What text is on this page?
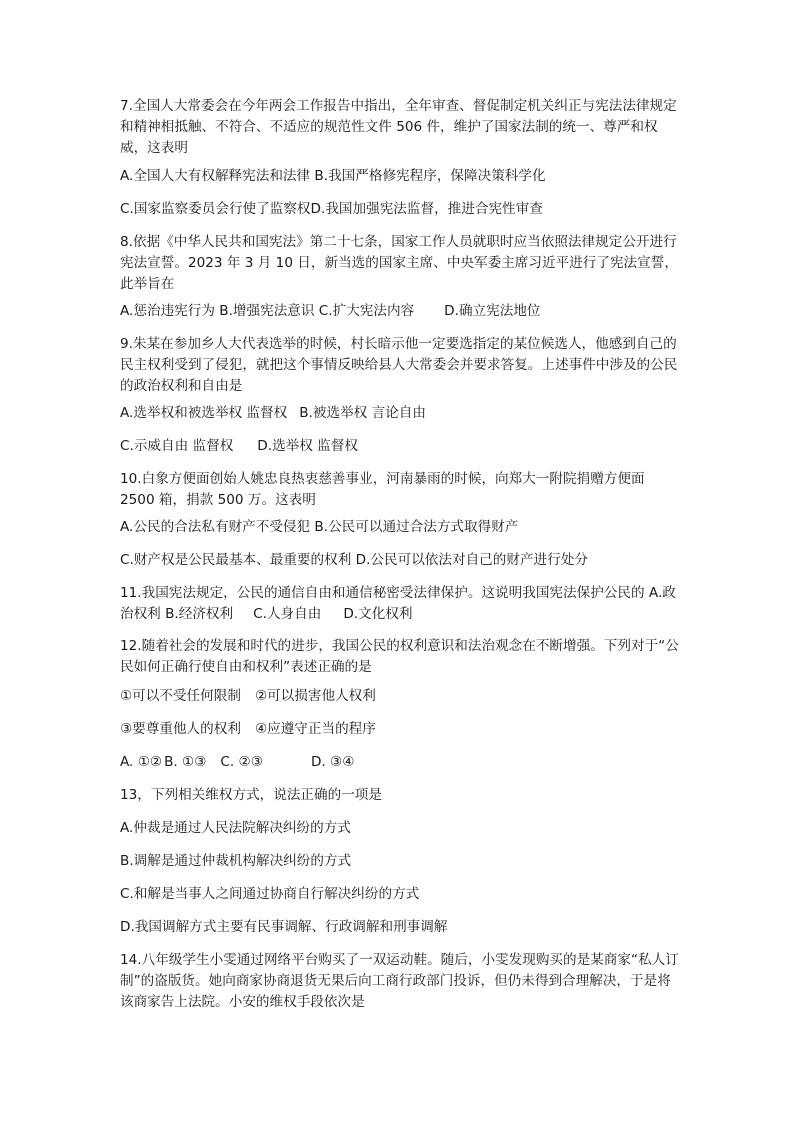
7.全国人大常委会在今年两会工作报告中指出，全年审查、督促制定机关纠正与宪法法律规定 和精神相抵触、不符合、不适应的规范性文件 506 件，维护了国家法制的统一、尊严和权威，这表明

A.全国人大有权解释宪法和法律 B.我国严格修宪程序，保障决策科学化

C.国家监察委员会行使了监察权D.我国加强宪法监督，推进合宪性审查

8.依据《中华人民共和国宪法》第二十七条，国家工作人员就职时应当依照法律规定公开进行宪法宣誓。2023 年 3 月 10 日，新当选的国家主席、中央军委主席习近平进行了宪法宣誓，此举旨在

A.惩治违宪行为 B.增强宪法意识 C.扩大宪法内容 D.确立宪法地位

9.朱某在参加乡人大代表选举的时候，村长暗示他一定要选指定的某位候选人，他感到自己的民主权利受到了侵犯，就把这个事情反映给县人大常委会并要求答复。上述事件中涉及的公民的政治权利和自由是

A.选举权和被选举权 监督权 B.被选举权 言论自由

C.示威自由 监督权 D.选举权 监督权

10.白象方便面创始人姚忠良热衷慈善事业，河南暴雨的时候，向郑大一附院捐赠方便面 2500 箱，捐款 500 万。这表明

A.公民的合法私有财产不受侵犯 B.公民可以通过合法方式取得财产

C.财产权是公民最基本、最重要的权利 D.公民可以依法对自己的财产进行处分

11.我国宪法规定，公民的通信自由和通信秘密受法律保护。这说明我国宪法保护公民的 A.政治权利 B.经济权利 C.人身自由 D.文化权利

12.随着社会的发展和时代的进步，我国公民的权利意识和法治观念在不断增强。下列对于“公民如何正确行使自由和权利”表述正确的是

①可以不受任何限制 ②可以损害他人权利

③要尊重他人的权利 ④应遵守正当的程序

A. ①② B. ①③ C. ②③	D. ③④

13，下列相关维权方式，说法正确的一项是

A.仲裁是通过人民法院解决纠纷的方式

B.调解是通过仲裁机构解决纠纷的方式

C.和解是当事人之间通过协商自行解决纠纷的方式

D.我国调解方式主要有民事调解、行政调解和刑事调解

14.八年级学生小雯通过网络平台购买了一双运动鞋。随后，小雯发现购买的是某商家“私人订制”的盗版货。她向商家协商退货无果后向工商行政部门投诉，但仍未得到合理解决，于是将该商家告上法院。小安的维权手段依次是
